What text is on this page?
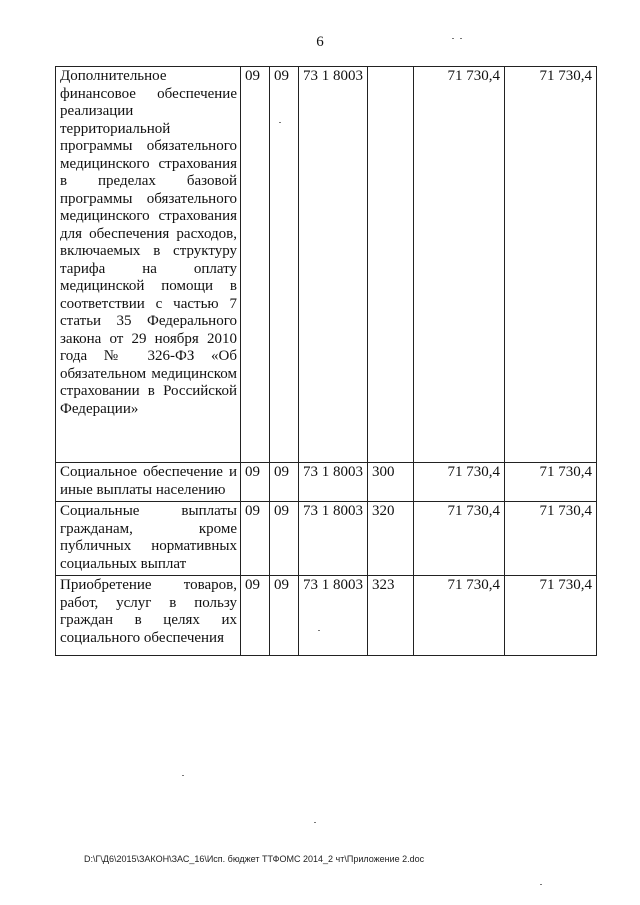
6
Дополнительное финансовое обеспечение реализации территориальной программы обязательного медицинского страхования в пределах базовой программы обязательного медицинского страхования для обеспечения расходов, включаемых в структуру тарифа на оплату медицинской помощи в соответствии с частью 7 статьи 35 Федерального закона от 29 ноября 2010 года № 326-ФЗ «Об обязательном медицинском страховании в Российской Федерации»	09	09	73 1 8003		71 730,4	71 730,4
Социальное обеспечение и иные выплаты населению	09	09	73 1 8003	300	71 730,4	71 730,4
Социальные выплаты гражданам, кроме публичных нормативных социальных выплат	09	09	73 1 8003	320	71 730,4	71 730,4
Приобретение товаров, работ, услуг в пользу граждан в целях их социального обеспечения	09	09	73 1 8003	323	71 730,4	71 730,4
D:\Г\Д6\2015\ЗАКОН\ЗАС_16\Исп. бюджет ТТФОМС 2014_2 чт\Приложение 2.doc
